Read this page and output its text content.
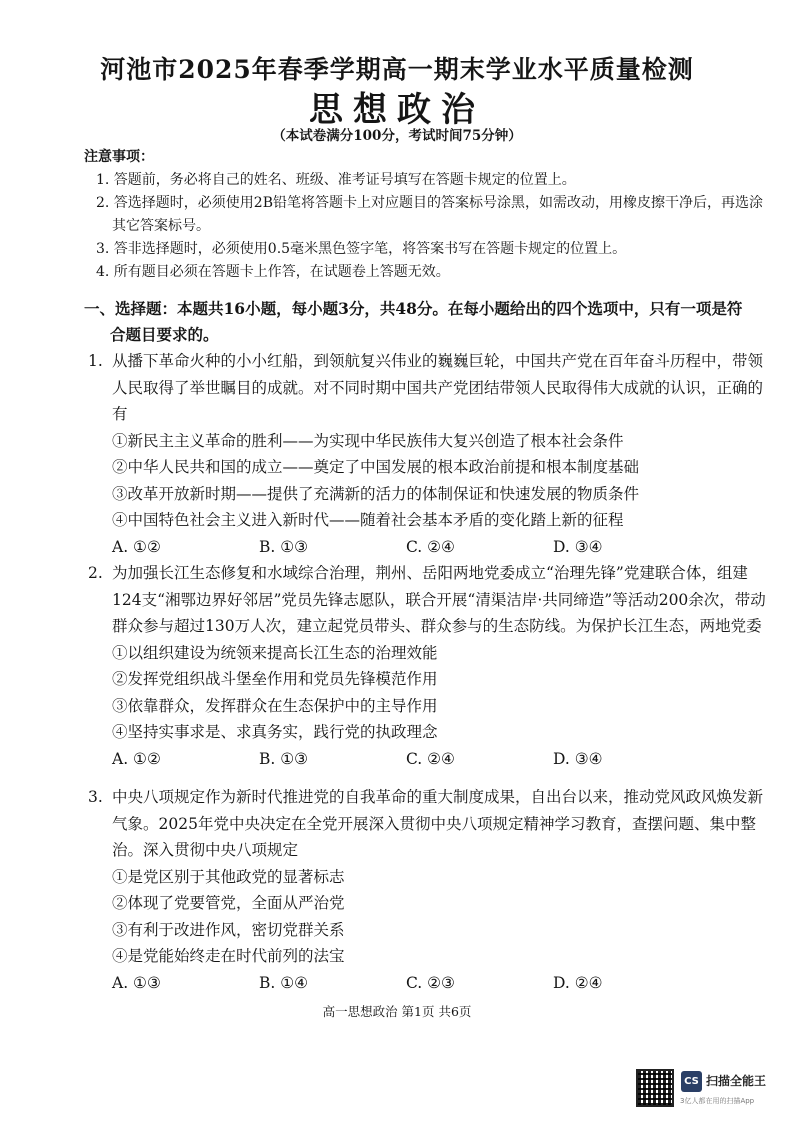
河池市2025年春季学期高一期末学业水平质量检测
思想政治
（本试卷满分100分，考试时间75分钟）
注意事项：
1. 答题前，务必将自己的姓名、班级、准考证号填写在答题卡规定的位置上。
2. 答选择题时，必须使用2B铅笔将答题卡上对应题目的答案标号涂黑，如需改动，用橡皮擦干净后，再选涂其它答案标号。
3. 答非选择题时，必须使用0.5毫米黑色签字笔，将答案书写在答题卡规定的位置上。
4. 所有题目必须在答题卡上作答，在试题卷上答题无效。
一、选择题：本题共16小题，每小题3分，共48分。在每小题给出的四个选项中，只有一项是符
合题目要求的。
1. 从播下革命火种的小小红船，到领航复兴伟业的巍巍巨轮，中国共产党在百年奋斗历程中，带领人民取得了举世瞩目的成就。对不同时期中国共产党团结带领人民取得伟大成就的认识，正确的有
①新民主主义革命的胜利——为实现中华民族伟大复兴创造了根本社会条件
②中华人民共和国的成立——奠定了中国发展的根本政治前提和根本制度基础
③改革开放新时期——提供了充满新的活力的体制保证和快速发展的物质条件
④中国特色社会主义进入新时代——随着社会基本矛盾的变化踏上新的征程
A. ①②	B. ①③	C. ②④	D. ③④
2. 为加强长江生态修复和水域综合治理，荆州、岳阳两地党委成立“治理先锋”党建联合体，组建124支“湘鄂边界好邻居”党员先锋志愿队，联合开展“清渠洁岸·共同缔造”等活动200余次，带动群众参与超过130万人次，建立起党员带头、群众参与的生态防线。为保护长江生态，两地党委
①以组织建设为统领来提高长江生态的治理效能
②发挥党组织战斗堡垒作用和党员先锋模范作用
③依靠群众，发挥群众在生态保护中的主导作用
④坚持实事求是、求真务实，践行党的执政理念
A. ①②	B. ①③	C. ②④	D. ③④
3. 中央八项规定作为新时代推进党的自我革命的重大制度成果，自出台以来，推动党风政风焕发新气象。2025年党中央决定在全党开展深入贯彻中央八项规定精神学习教育，查摆问题、集中整治。深入贯彻中央八项规定
①是党区别于其他政党的显著标志
②体现了党要管党，全面从严治党
③有利于改进作风，密切党群关系
④是党能始终走在时代前列的法宝
A. ①③	B. ①④	C. ②③	D. ②④
高一思想政治 第1页 共6页
CS 扫描全能王
3亿人都在用的扫描App
